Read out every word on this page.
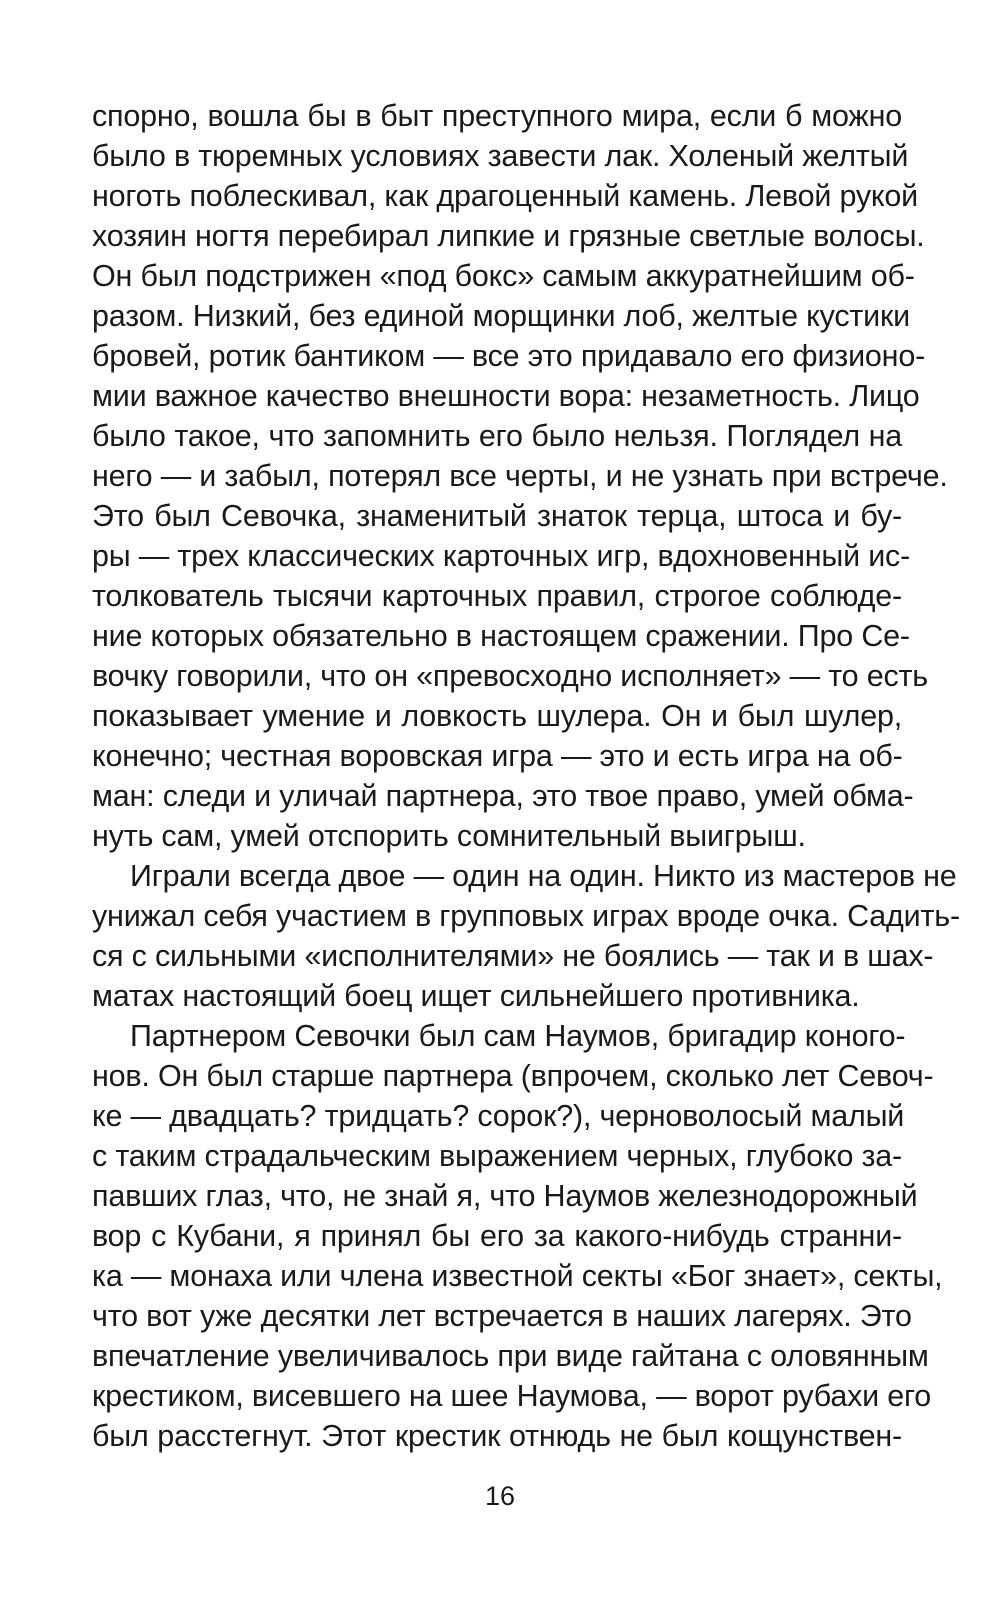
спорно, вошла бы в быт преступного мира, если б можно
было в тюремных условиях завести лак. Холеный желтый
ноготь поблескивал, как драгоценный камень. Левой рукой
хозяин ногтя перебирал липкие и грязные светлые волосы.
Он был подстрижен «под бокс» самым аккуратнейшим об-
разом. Низкий, без единой морщинки лоб, желтые кустики
бровей, ротик бантиком — все это придавало его физионо-
мии важное качество внешности вора: незаметность. Лицо
было такое, что запомнить его было нельзя. Поглядел на
него — и забыл, потерял все черты, и не узнать при встрече.
Это был Севочка, знаменитый знаток терца, штоса и бу-
ры — трех классических карточных игр, вдохновенный ис-
толкователь тысячи карточных правил, строгое соблюде-
ние которых обязательно в настоящем сражении. Про Се-
вочку говорили, что он «превосходно исполняет» — то есть
показывает умение и ловкость шулера. Он и был шулер,
конечно; честная воровская игра — это и есть игра на об-
ман: следи и уличай партнера, это твое право, умей обма-
нуть сам, умей отспорить сомнительный выигрыш.
Играли всегда двое — один на один. Никто из мастеров не
унижал себя участием в групповых играх вроде очка. Садить-
ся с сильными «исполнителями» не боялись — так и в шах-
матах настоящий боец ищет сильнейшего противника.
Партнером Севочки был сам Наумов, бригадир коного-
нов. Он был старше партнера (впрочем, сколько лет Севоч-
ке — двадцать? тридцать? сорок?), черноволосый малый
с таким страдальческим выражением черных, глубоко за-
павших глаз, что, не знай я, что Наумов железнодорожный
вор с Кубани, я принял бы его за какого-нибудь странни-
ка — монаха или члена известной секты «Бог знает», секты,
что вот уже десятки лет встречается в наших лагерях. Это
впечатление увеличивалось при виде гайтана с оловянным
крестиком, висевшего на шее Наумова, — ворот рубахи его
был расстегнут. Этот крестик отнюдь не был кощунствен-
16
